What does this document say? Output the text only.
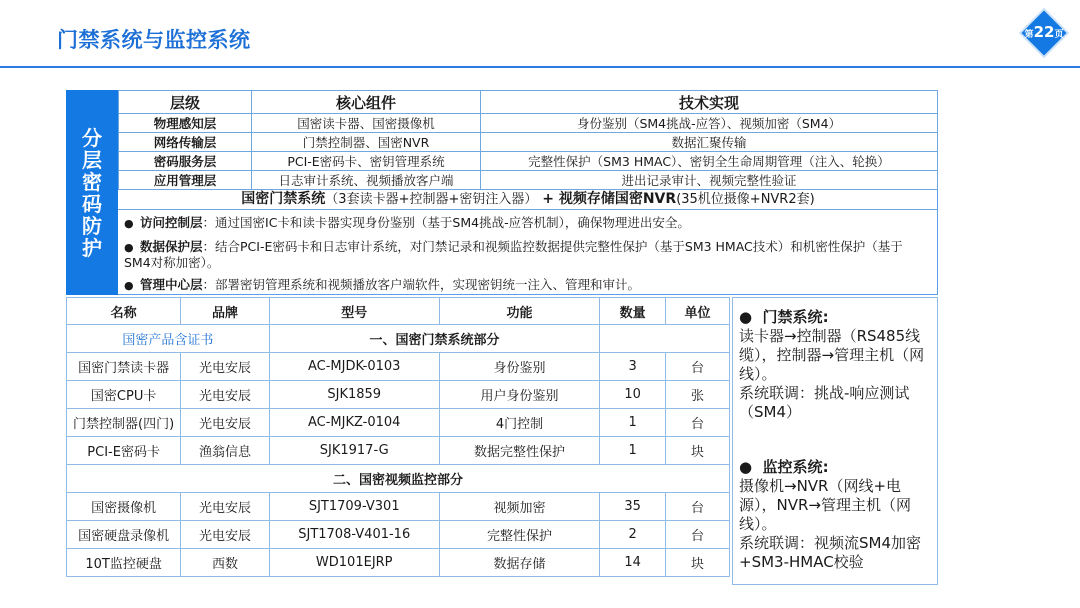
门禁系统与监控系统	第22页
分层密码防护
层级	核心组件	技术实现
物理感知层	国密读卡器、国密摄像机	身份鉴别（SM4挑战-应答）、视频加密（SM4）
网络传输层	门禁控制器、国密NVR	数据汇聚传输
密码服务层	PCI-E密码卡、密钥管理系统	完整性保护（SM3 HMAC）、密钥全生命周期管理（注入、轮换）
应用管理层	日志审计系统、视频播放客户端	进出记录审计、视频完整性验证
国密门禁系统（3套读卡器+控制器+密钥注入器） + 视频存储国密NVR(35机位摄像+NVR2套)
● 访问控制层：通过国密IC卡和读卡器实现身份鉴别（基于SM4挑战-应答机制），确保物理进出安全。
● 数据保护层：结合PCI-E密码卡和日志审计系统，对门禁记录和视频监控数据提供完整性保护（基于SM3 HMAC技术）和机密性保护（基于SM4对称加密）。
● 管理中心层：部署密钥管理系统和视频播放客户端软件，实现密钥统一注入、管理和审计。
名称	品牌	型号	功能	数量	单位
国密产品含证书		一、国密门禁系统部分			
国密门禁读卡器	光电安辰	AC-MJDK-0103	身份鉴别	3	台
国密CPU卡	光电安辰	SJK1859	用户身份鉴别	10	张
门禁控制器(四门)	光电安辰	AC-MJKZ-0104	4门控制	1	台
PCI-E密码卡	渔翁信息	SJK1917-G	数据完整性保护	1	块
二、国密视频监控部分					
国密摄像机	光电安辰	SJT1709-V301	视频加密	35	台
国密硬盘录像机	光电安辰	SJT1708-V401-16	完整性保护	2	台
10T监控硬盘	西数	WD101EJRP	数据存储	14	块

●  门禁系统:

读卡器→控制器（RS485线缆），控制器→管理主机（网线）。

系统联调：挑战-响应测试（SM4）

●  监控系统:

摄像机→NVR（网线+电源），NVR→管理主机（网线）。

系统联调：视频流SM4加密+SM3-HMAC校验
